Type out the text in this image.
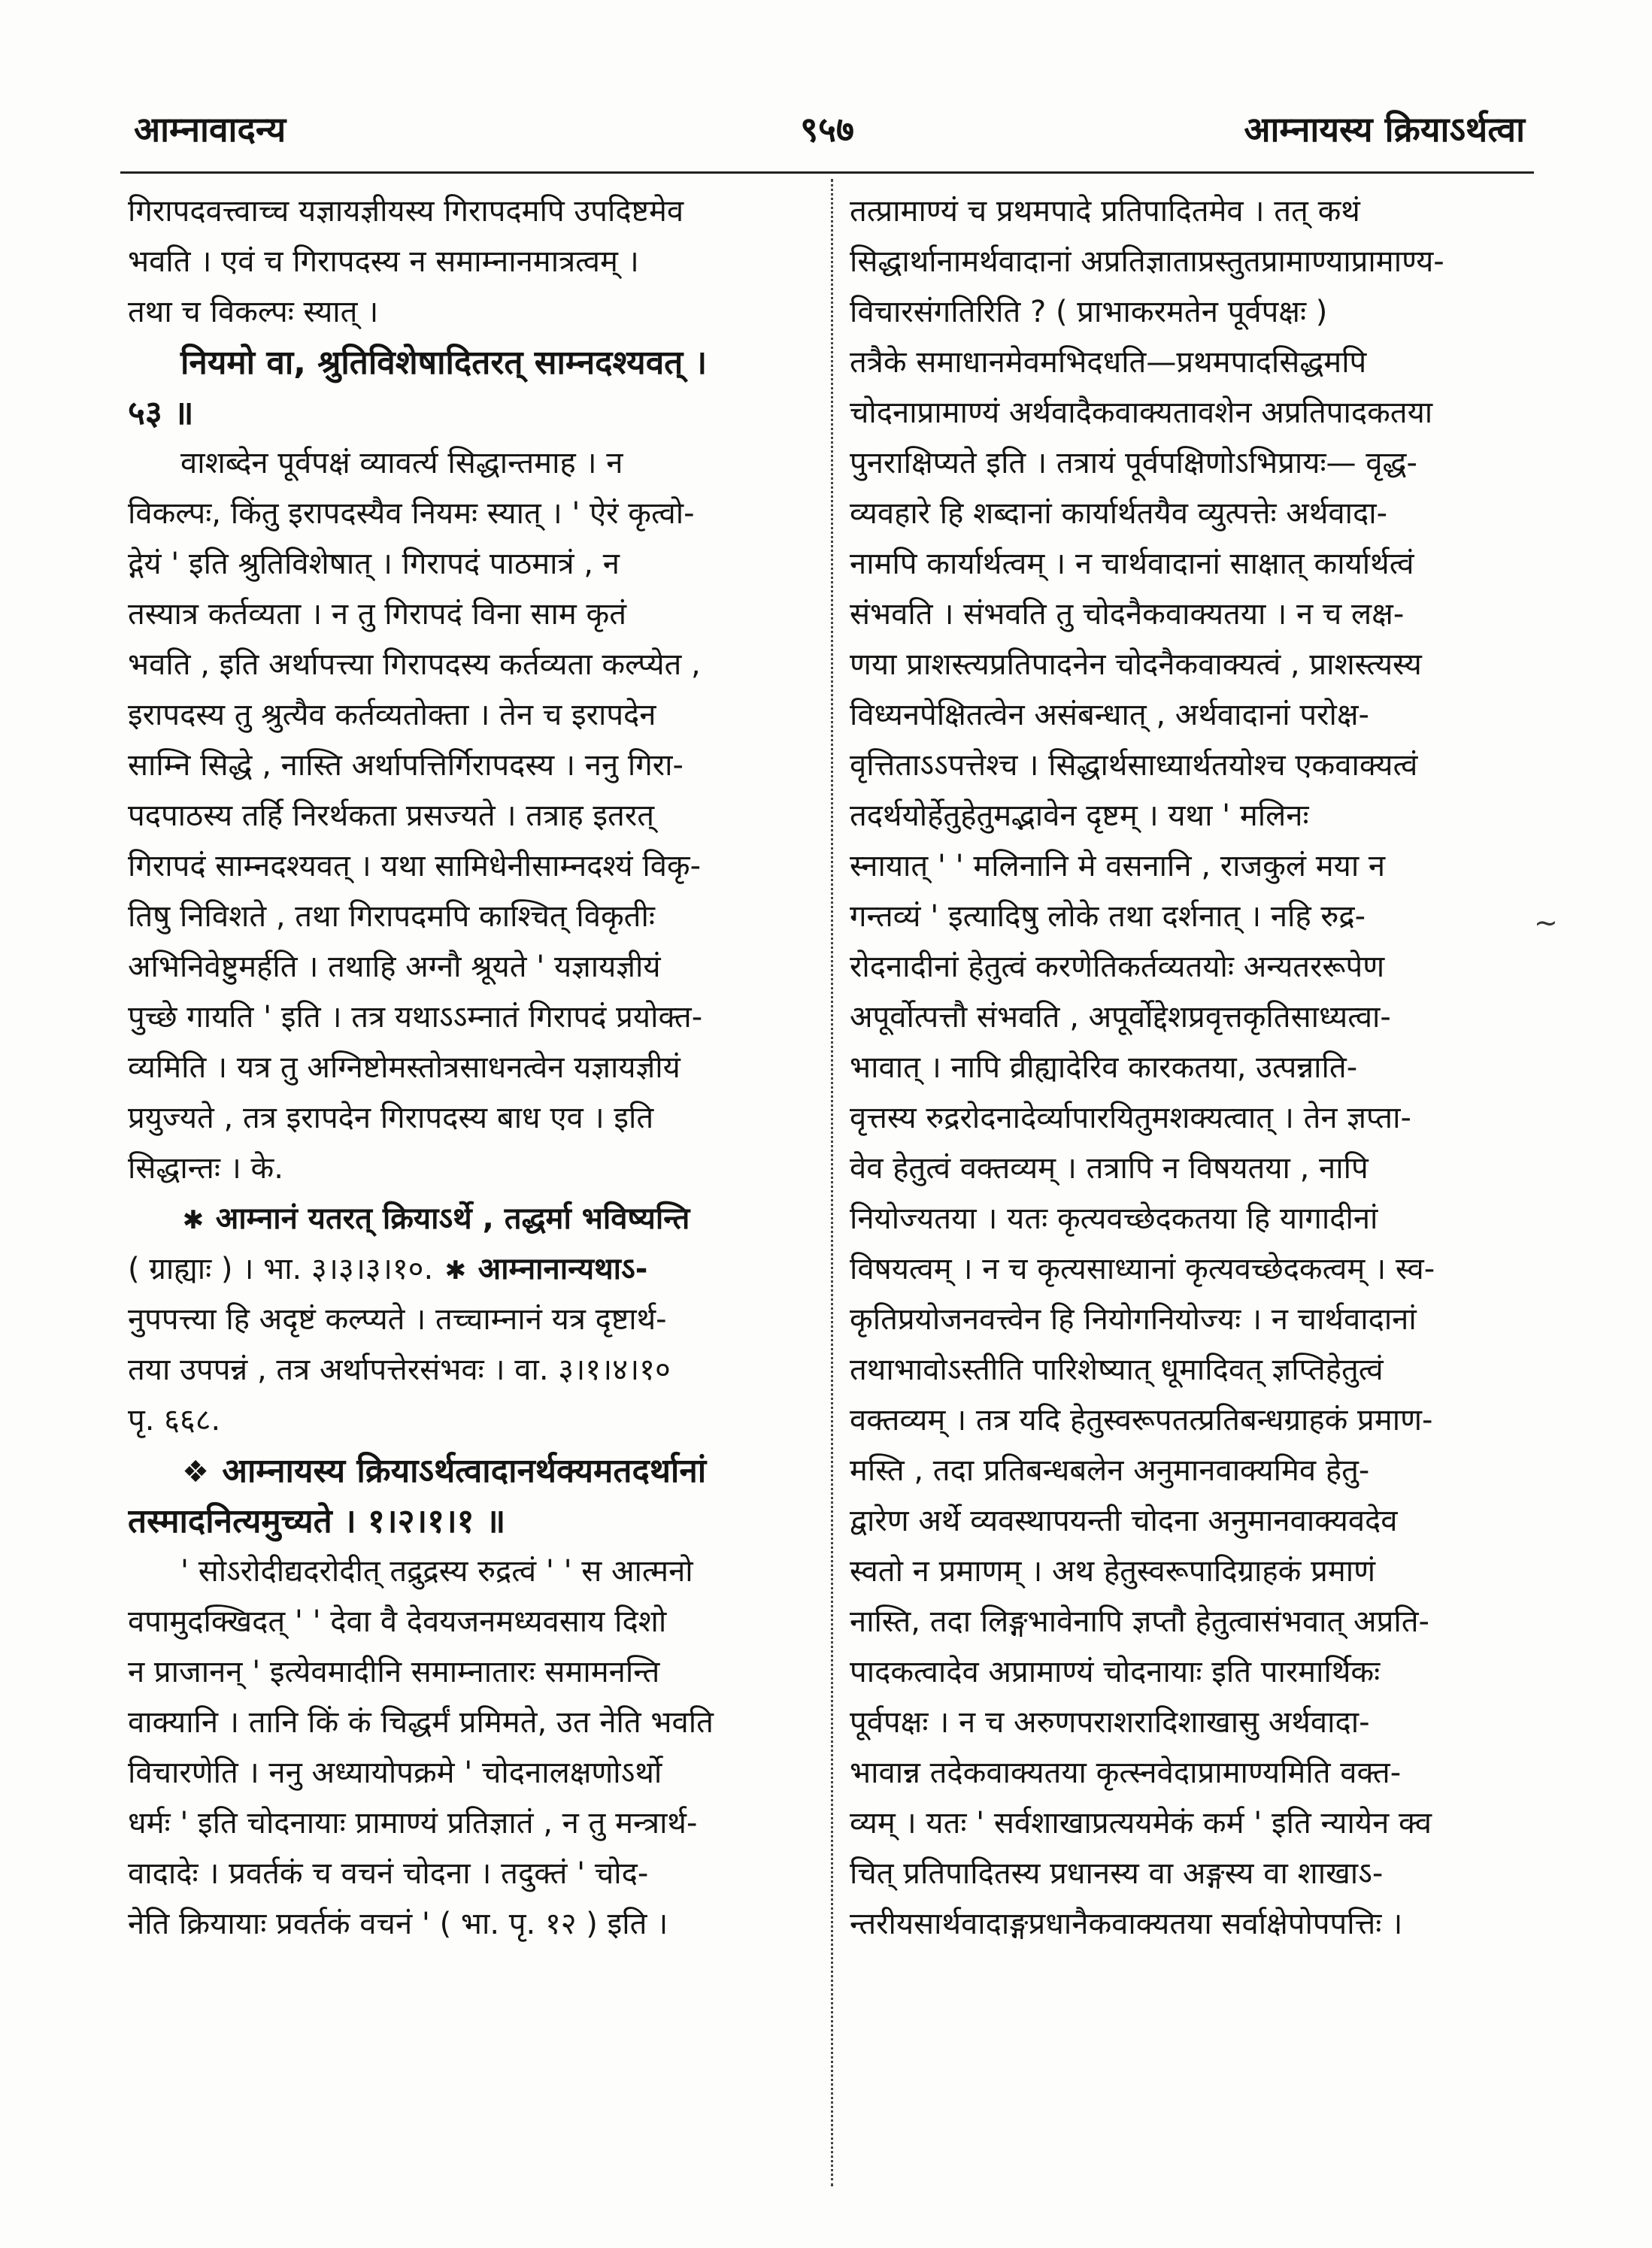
आम्नावादन्य	९५७	आम्नायस्य क्रियाऽर्थत्वा
गिरापदवत्त्वाच्च यज्ञायज्ञीयस्य गिरापदमपि उपदिष्टमेव
भवति । एवं च गिरापदस्य न समाम्नानमात्रत्वम् ।
तथा च विकल्पः स्यात् ।
नियमो वा, श्रुतिविशेषादितरत् साम्नदश्यवत् ।
५३ ॥
वाशब्देन पूर्वपक्षं व्यावर्त्य सिद्धान्तमाह । न
विकल्पः, किंतु इरापदस्यैव नियमः स्यात् । ' ऐरं कृत्वो-
द्गेयं ' इति श्रुतिविशेषात् । गिरापदं पाठमात्रं , न
तस्यात्र कर्तव्यता । न तु गिरापदं विना साम कृतं
भवति , इति अर्थापत्त्या गिरापदस्य कर्तव्यता कल्प्येत ,
इरापदस्य तु श्रुत्यैव कर्तव्यतोक्ता । तेन च इरापदेन
साम्नि सिद्धे , नास्ति अर्थापत्तिर्गिरापदस्य । ननु गिरा-
पदपाठस्य तर्हि निरर्थकता प्रसज्यते । तत्राह इतरत्
गिरापदं साम्नदश्यवत् । यथा सामिधेनीसाम्नदश्यं विकृ-
तिषु निविशते , तथा गिरापदमपि काश्चित् विकृतीः
अभिनिवेष्टुमर्हति । तथाहि अग्नौ श्रूयते ' यज्ञायज्ञीयं
पुच्छे गायति ' इति । तत्र यथाऽऽम्नातं गिरापदं प्रयोक्त-
व्यमिति । यत्र तु अग्निष्टोमस्तोत्रसाधनत्वेन यज्ञायज्ञीयं
प्रयुज्यते , तत्र इरापदेन गिरापदस्य बाध एव । इति
सिद्धान्तः । के.
✱ आम्नानं यतरत् क्रियाऽर्थे , तद्धर्मा भविष्यन्ति
( ग्राह्याः ) । भा. ३।३।३।१०. ✱ आम्नानान्यथाऽ-
नुपपत्त्या हि अदृष्टं कल्प्यते । तच्चाम्नानं यत्र दृष्टार्थ-
तया उपपन्नं , तत्र अर्थापत्तेरसंभवः । वा. ३।१।४।१०
पृ. ६६८.
❖ आम्नायस्य क्रियाऽर्थत्वादानर्थक्यमतदर्थानां
तस्मादनित्यमुच्यते । १।२।१।१ ॥
' सोऽरोदीद्यदरोदीत् तद्रुद्रस्य रुद्रत्वं ' ' स आत्मनो
वपामुदक्खिदत् ' ' देवा वै देवयजनमध्यवसाय दिशो
न प्राजानन् ' इत्येवमादीनि समाम्नातारः समामनन्ति
वाक्यानि । तानि किं कं चिद्धर्मं प्रमिमते, उत नेति भवति
विचारणेति । ननु अध्यायोपक्रमे ' चोदनालक्षणोऽर्थो
धर्मः ' इति चोदनायाः प्रामाण्यं प्रतिज्ञातं , न तु मन्त्रार्थ-
वादादेः । प्रवर्तकं च वचनं चोदना । तदुक्तं ' चोद-
नेति क्रियायाः प्रवर्तकं वचनं ' ( भा. पृ. १२ ) इति ।
तत्प्रामाण्यं च प्रथमपादे प्रतिपादितमेव । तत् कथं
सिद्धार्थानामर्थवादानां अप्रतिज्ञाताप्रस्तुतप्रामाण्याप्रामाण्य-
विचारसंगतिरिति ? ( प्राभाकरमतेन पूर्वपक्षः )
तत्रैके समाधानमेवमभिदधति—प्रथमपादसिद्धमपि
चोदनाप्रामाण्यं अर्थवादैकवाक्यतावशेन अप्रतिपादकतया
पुनराक्षिप्यते इति । तत्रायं पूर्वपक्षिणोऽभिप्रायः— वृद्ध-
व्यवहारे हि शब्दानां कार्यार्थतयैव व्युत्पत्तेः अर्थवादा-
नामपि कार्यार्थत्वम् । न चार्थवादानां साक्षात् कार्यार्थत्वं
संभवति । संभवति तु चोदनैकवाक्यतया । न च लक्ष-
णया प्राशस्त्यप्रतिपादनेन चोदनैकवाक्यत्वं , प्राशस्त्यस्य
विध्यनपेक्षितत्वेन असंबन्धात् , अर्थवादानां परोक्ष-
वृत्तिताऽऽपत्तेश्च । सिद्धार्थसाध्यार्थतयोश्च एकवाक्यत्वं
तदर्थयोर्हेतुहेतुमद्भावेन दृष्टम् । यथा ' मलिनः
स्नायात् ' ' मलिनानि मे वसनानि , राजकुलं मया न
गन्तव्यं ' इत्यादिषु लोके तथा दर्शनात् । नहि रुद्र-
रोदनादीनां हेतुत्वं करणेतिकर्तव्यतयोः अन्यतररूपेण
अपूर्वोत्पत्तौ संभवति , अपूर्वोद्देशप्रवृत्तकृतिसाध्यत्वा-
भावात् । नापि व्रीह्यादेरिव कारकतया, उत्पन्नाति-
वृत्तस्य रुद्ररोदनादेर्व्यापारयितुमशक्यत्वात् । तेन ज्ञप्ता-
वेव हेतुत्वं वक्तव्यम् । तत्रापि न विषयतया , नापि
नियोज्यतया । यतः कृत्यवच्छेदकतया हि यागादीनां
विषयत्वम् । न च कृत्यसाध्यानां कृत्यवच्छेदकत्वम् । स्व-
कृतिप्रयोजनवत्त्वेन हि नियोगनियोज्यः । न चार्थवादानां
तथाभावोऽस्तीति पारिशेष्यात् धूमादिवत् ज्ञप्तिहेतुत्वं
वक्तव्यम् । तत्र यदि हेतुस्वरूपतत्प्रतिबन्धग्राहकं प्रमाण-
मस्ति , तदा प्रतिबन्धबलेन अनुमानवाक्यमिव हेतु-
द्वारेण अर्थे व्यवस्थापयन्ती चोदना अनुमानवाक्यवदेव
स्वतो न प्रमाणम् । अथ हेतुस्वरूपादिग्राहकं प्रमाणं
नास्ति, तदा लिङ्गभावेनापि ज्ञप्तौ हेतुत्वासंभवात् अप्रति-
पादकत्वादेव अप्रामाण्यं चोदनायाः इति पारमार्थिकः
पूर्वपक्षः । न च अरुणपराशरादिशाखासु अर्थवादा-
भावान्न तदेकवाक्यतया कृत्स्नवेदाप्रामाण्यमिति वक्त-
व्यम् । यतः ' सर्वशाखाप्रत्ययमेकं कर्म ' इति न्यायेन क्व
चित् प्रतिपादितस्य प्रधानस्य वा अङ्गस्य वा शाखाऽ-
न्तरीयसार्थवादाङ्गप्रधानैकवाक्यतया सर्वाक्षेपोपपत्तिः ।
~
